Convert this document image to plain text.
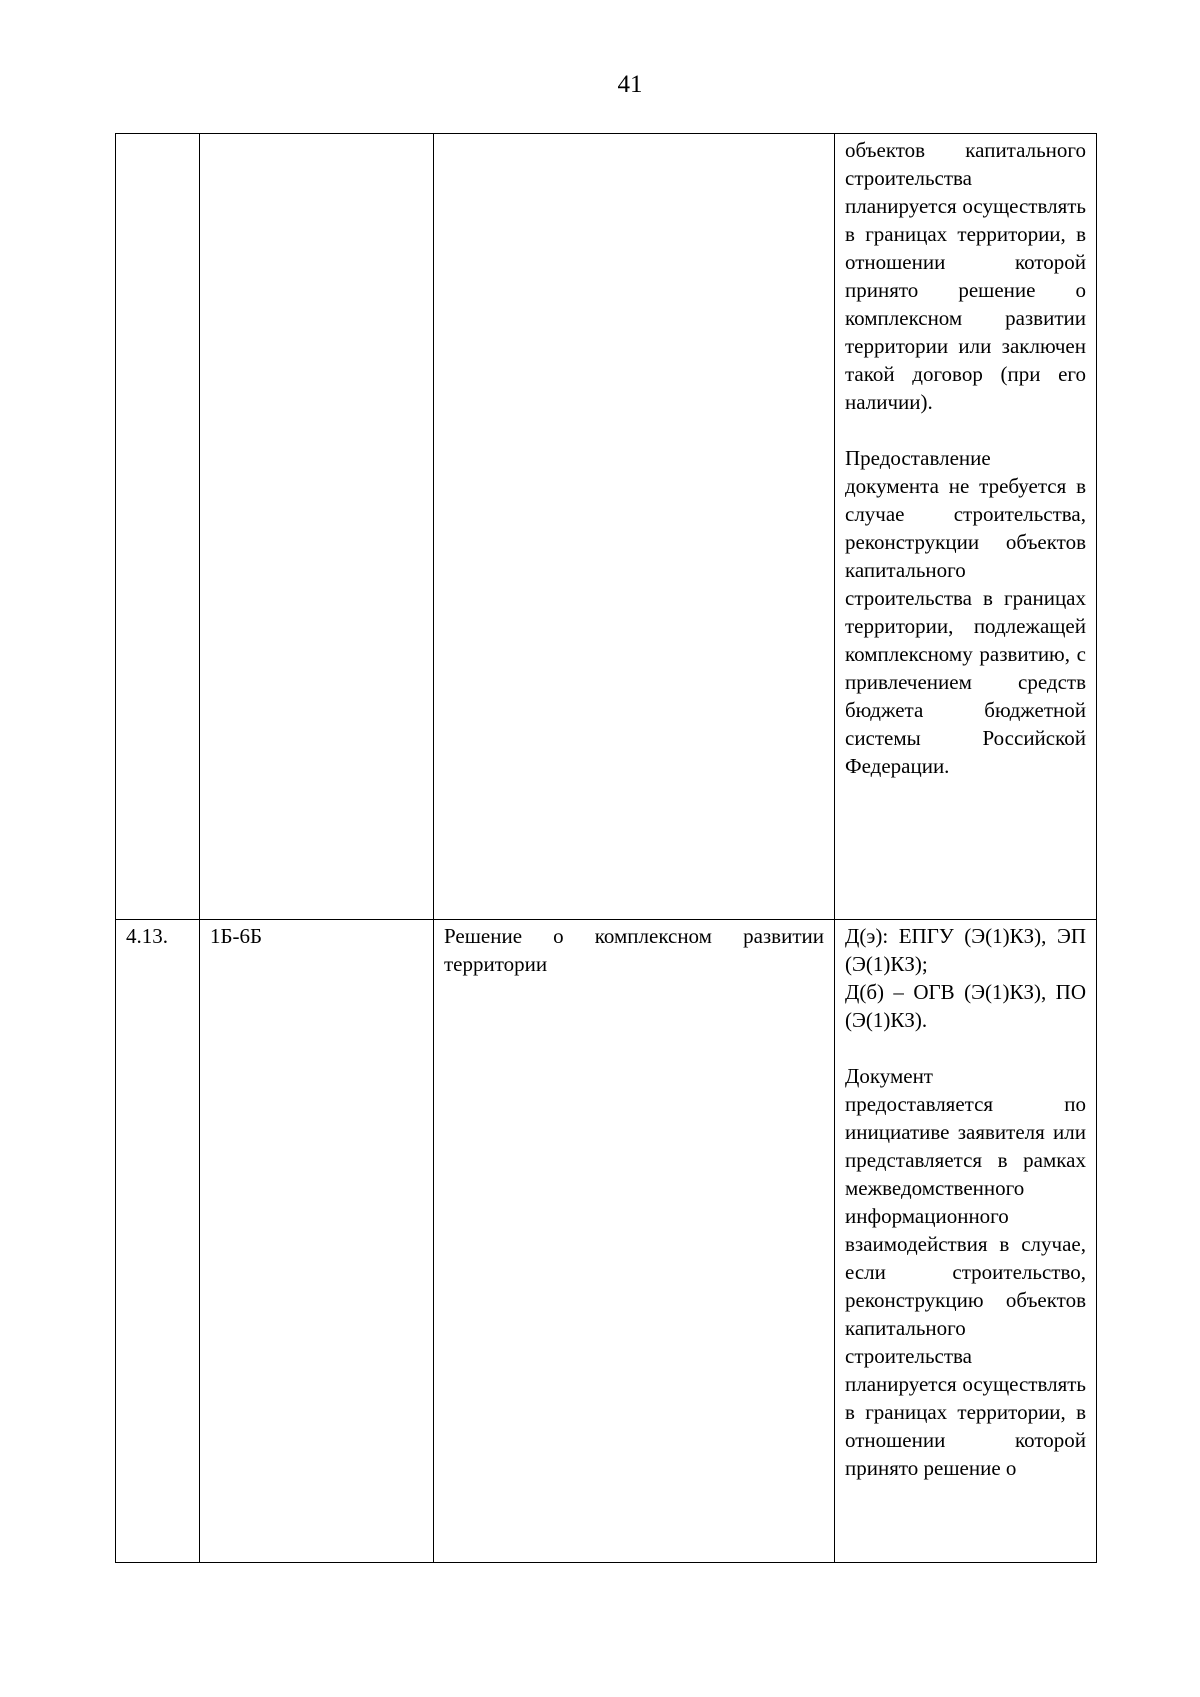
41

			объектов капитального строительства планируется осуществлять в границах территории, в отношении которой принято решение о комплексном развитии территории или заключен такой договор (при его наличии).
Предоставление документа не требуется в случае строительства, реконструкции объектов капитального строительства в границах территории, подлежащей комплексному развитию, с привлечением средств бюджета бюджетной системы Российской Федерации.

4.13.	1Б-6Б	Решение о комплексном развитии территории	Д(э): ЕПГУ (Э(1)КЗ), ЭП (Э(1)КЗ);
Д(б) – ОГВ (Э(1)КЗ), ПО (Э(1)КЗ).
Документ предоставляется по инициативе заявителя или представляется в рамках межведомственного информационного взаимодействия в случае, если строительство, реконструкцию объектов капитального строительства планируется осуществлять в границах территории, в отношении которой принято решение о
